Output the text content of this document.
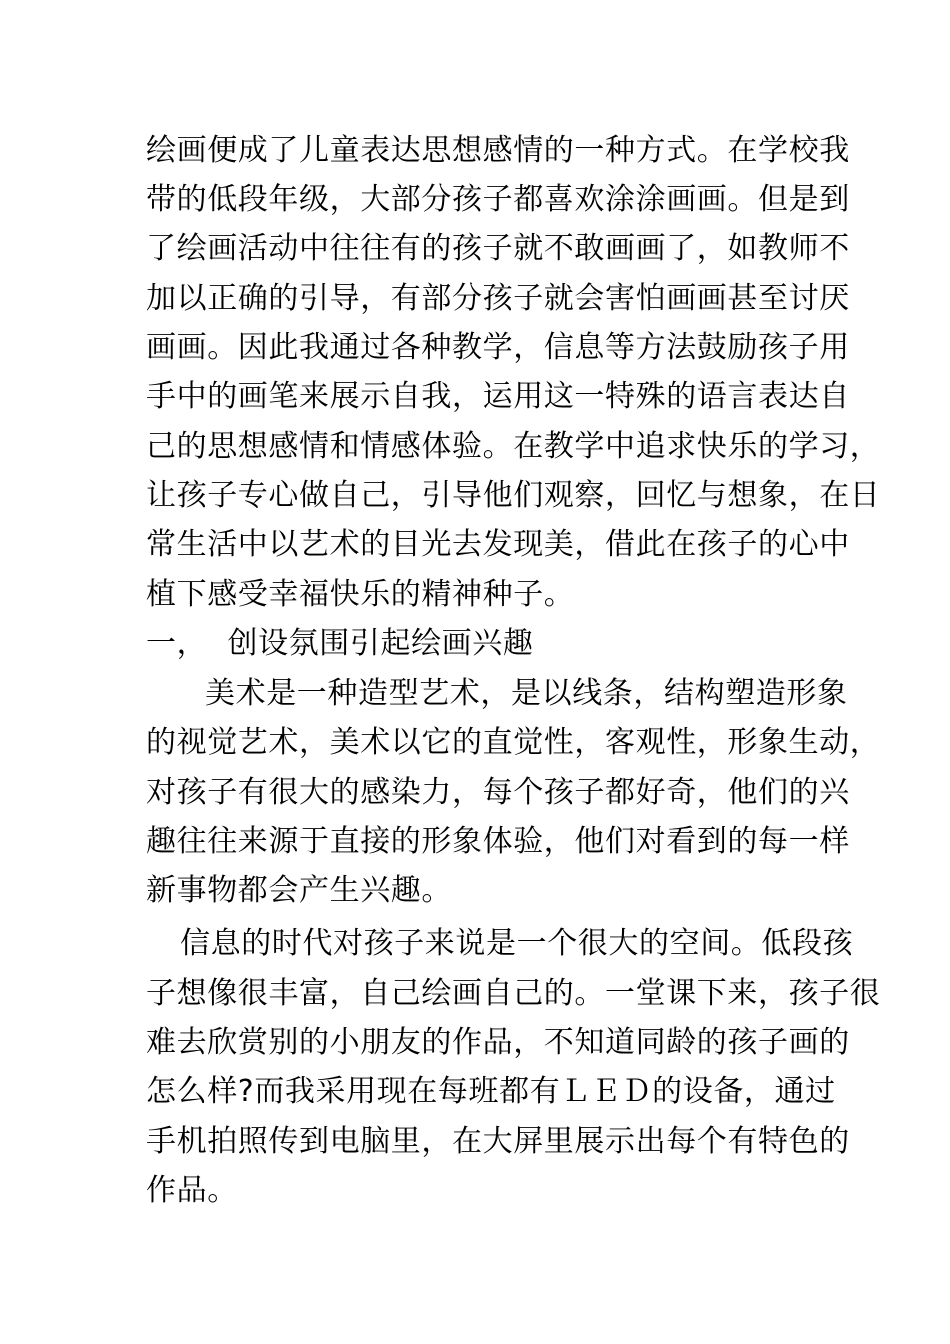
绘画便成了儿童表达思想感情的一种方式。在学校我
带的低段年级，大部分孩子都喜欢涂涂画画。但是到
了绘画活动中往往有的孩子就不敢画画了，如教师不
加以正确的引导，有部分孩子就会害怕画画甚至讨厌
画画。因此我通过各种教学，信息等方法鼓励孩子用
手中的画笔来展示自我，运用这一特殊的语言表达自
己的思想感情和情感体验。在教学中追求快乐的学习，
让孩子专心做自己，引导他们观察，回忆与想象，在日
常生活中以艺术的目光去发现美，借此在孩子的心中
植下感受幸福快乐的精神种子。
一，  创设氛围引起绘画兴趣
美术是一种造型艺术，是以线条，结构塑造形象
的视觉艺术，美术以它的直觉性，客观性，形象生动，
对孩子有很大的感染力，每个孩子都好奇，他们的兴
趣往往来源于直接的形象体验，他们对看到的每一样
新事物都会产生兴趣。
信息的时代对孩子来说是一个很大的空间。低段孩
子想像很丰富，自己绘画自己的。一堂课下来，孩子很
难去欣赏别的小朋友的作品，不知道同龄的孩子画的
怎么样?而我采用现在每班都有ＬＥＤ的设备，通过
手机拍照传到电脑里，在大屏里展示出每个有特色的
作品。
